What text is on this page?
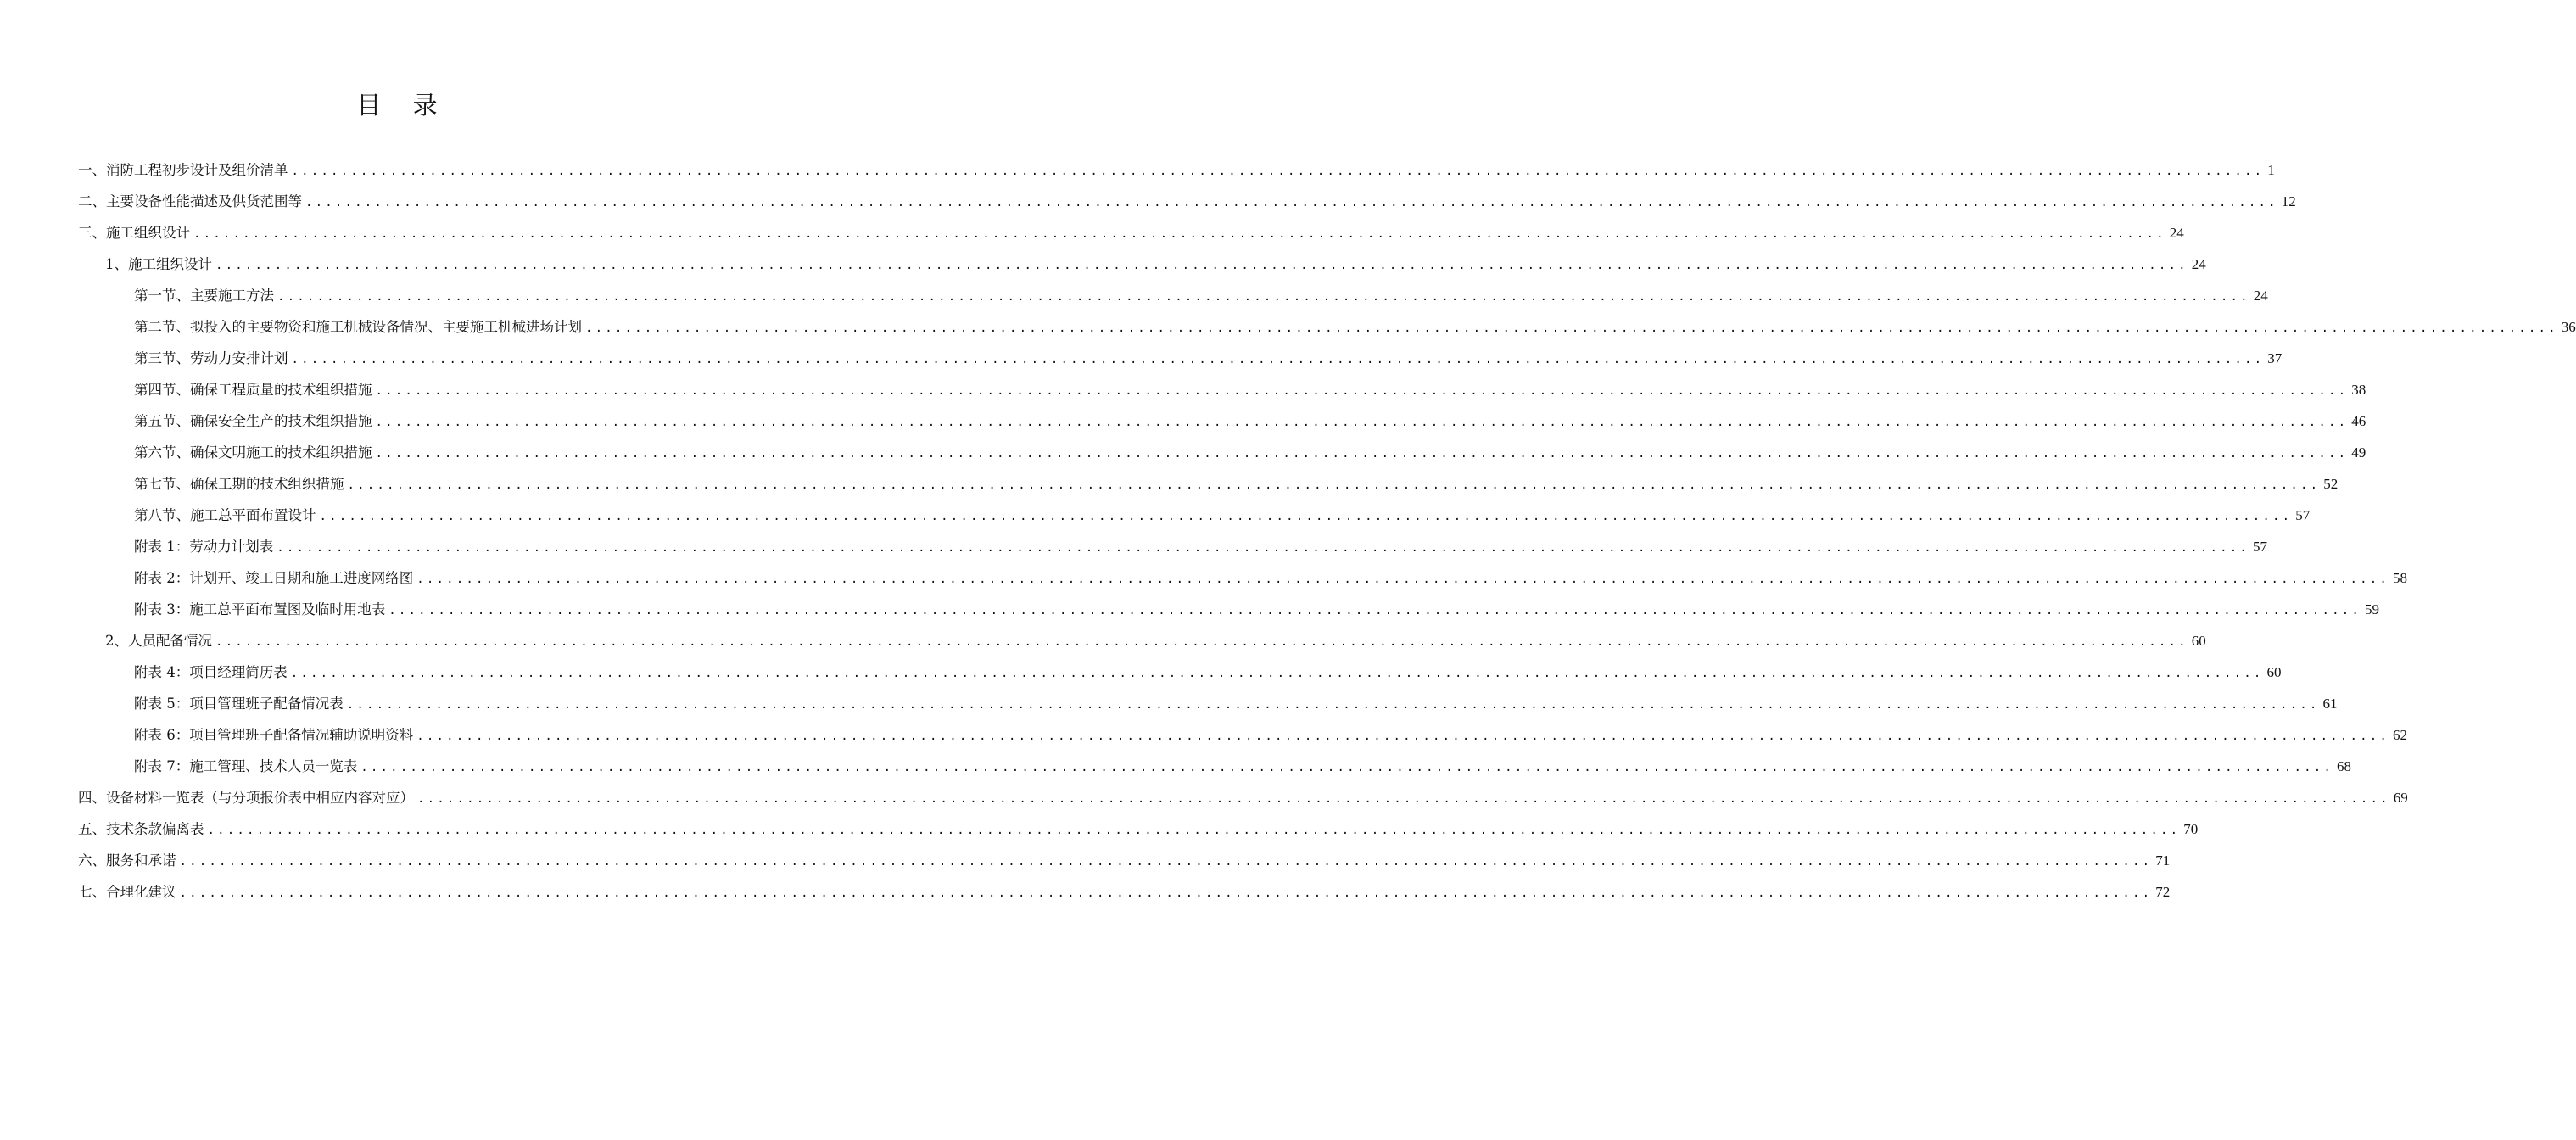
目 录
一、消防工程初步设计及组价清单 ........................................................................................................................................................................................................ 1
二、主要设备性能描述及供货范围等 ........................................................................................................................................................................................................ 12
三、施工组织设计 ........................................................................................................................................................................................................ 24
1、施工组织设计 ........................................................................................................................................................................................................ 24
第一节、主要施工方法 ........................................................................................................................................................................................................ 24
第二节、拟投入的主要物资和施工机械设备情况、主要施工机械进场计划 ........................................................................................................................................................................................................ 36
第三节、劳动力安排计划 ........................................................................................................................................................................................................ 37
第四节、确保工程质量的技术组织措施 ........................................................................................................................................................................................................ 38
第五节、确保安全生产的技术组织措施 ........................................................................................................................................................................................................ 46
第六节、确保文明施工的技术组织措施 ........................................................................................................................................................................................................ 49
第七节、确保工期的技术组织措施 ........................................................................................................................................................................................................ 52
第八节、施工总平面布置设计 ........................................................................................................................................................................................................ 57
附表 1：劳动力计划表 ........................................................................................................................................................................................................ 57
附表 2：计划开、竣工日期和施工进度网络图 ........................................................................................................................................................................................................ 58
附表 3：施工总平面布置图及临时用地表 ........................................................................................................................................................................................................ 59
2、人员配备情况 ........................................................................................................................................................................................................ 60
附表 4：项目经理简历表 ........................................................................................................................................................................................................ 60
附表 5：项目管理班子配备情况表 ........................................................................................................................................................................................................ 61
附表 6：项目管理班子配备情况辅助说明资料 ........................................................................................................................................................................................................ 62
附表 7：施工管理、技术人员一览表 ........................................................................................................................................................................................................ 68
四、设备材料一览表（与分项报价表中相应内容对应） ........................................................................................................................................................................................................ 69
五、技术条款偏离表 ........................................................................................................................................................................................................ 70
六、服务和承诺 ........................................................................................................................................................................................................ 71
七、合理化建议 ........................................................................................................................................................................................................ 72
